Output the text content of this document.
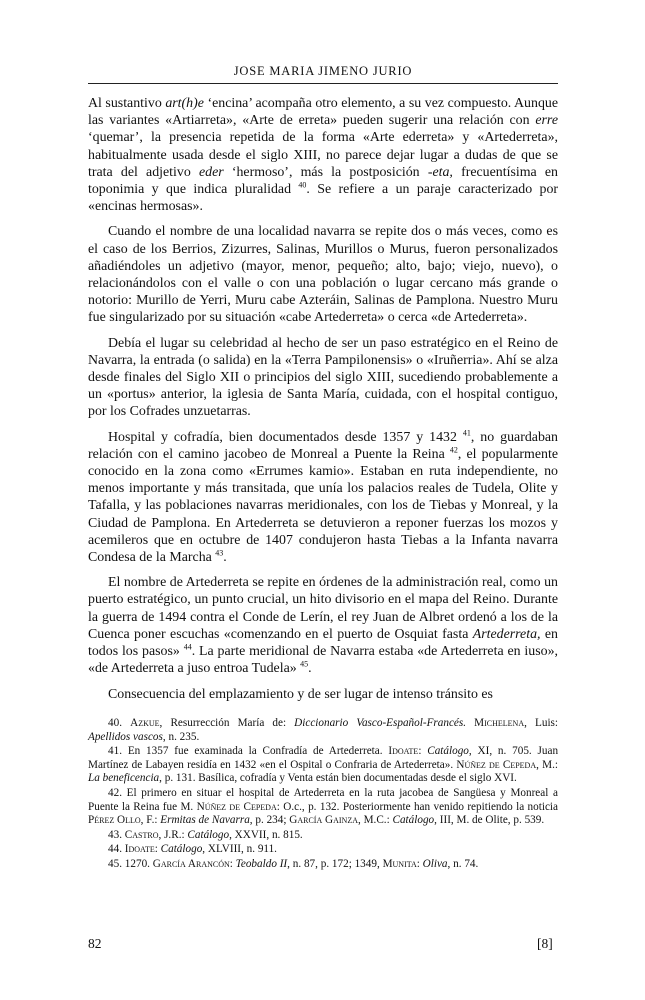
JOSE MARIA JIMENO JURIO

Al sustantivo art(h)e ‘encina’ acompaña otro elemento, a su vez compuesto. Aunque las variantes «Artiarreta», «Arte de erreta» pueden sugerir una relación con erre ‘quemar’, la presencia repetida de la forma «Arte ederreta» y «Artederreta», habitualmente usada desde el siglo XIII, no parece dejar lugar a dudas de que se trata del adjetivo eder ‘hermoso’, más la postposición -eta, frecuentísima en toponimia y que indica pluralidad $^{40}$. Se refiere a un paraje caracterizado por «encinas hermosas».

Cuando el nombre de una localidad navarra se repite dos o más veces, como es el caso de los Berrios, Zizurres, Salinas, Murillos o Murus, fueron personalizados añadiéndoles un adjetivo (mayor, menor, pequeño; alto, bajo; viejo, nuevo), o relacionándolos con el valle o con una población o lugar cercano más grande o notorio: Murillo de Yerri, Muru cabe Azteráin, Salinas de Pamplona. Nuestro Muru fue singularizado por su situación «cabe Artederreta» o cerca «de Artederreta».

Debía el lugar su celebridad al hecho de ser un paso estratégico en el Reino de Navarra, la entrada (o salida) en la «Terra Pampilonensis» o «Iruñerria». Ahí se alza desde finales del Siglo XII o principios del siglo XIII, sucediendo probablemente a un «portus» anterior, la iglesia de Santa María, cuidada, con el hospital contiguo, por los Cofrades unzuetarras.

Hospital y cofradía, bien documentados desde 1357 y 1432 $^{41}$, no guardaban relación con el camino jacobeo de Monreal a Puente la Reina $^{42}$, el popularmente conocido en la zona como «Errumes kamio». Estaban en ruta independiente, no menos importante y más transitada, que unía los palacios reales de Tudela, Olite y Tafalla, y las poblaciones navarras meridionales, con los de Tiebas y Monreal, y la Ciudad de Pamplona. En Artederreta se detuvieron a reponer fuerzas los mozos y acemileros que en octubre de 1407 condujeron hasta Tiebas a la Infanta navarra Condesa de la Marcha $^{43}$.

El nombre de Artederreta se repite en órdenes de la administración real, como un puerto estratégico, un punto crucial, un hito divisorio en el mapa del Reino. Durante la guerra de 1494 contra el Conde de Lerín, el rey Juan de Albret ordenó a los de la Cuenca poner escuchas «comenzando en el puerto de Osquiat fasta Artederreta, en todos los pasos» $^{44}$. La parte meridional de Navarra estaba «de Artederreta en iuso», «de Artederreta a juso entroa Tudela» $^{45}$.

Consecuencia del emplazamiento y de ser lugar de intenso tránsito es

40. Azkue, Resurrección María de: Diccionario Vasco-Español-Francés. Michelena, Luis: Apellidos vascos, n. 235.

41. En 1357 fue examinada la Confradía de Artederreta. Idoate: Catálogo, XI, n. 705. Juan Martínez de Labayen residía en 1432 «en el Ospital o Confraria de Artederreta». Núñez de Cepeda, M.: La beneficencia, p. 131. Basílica, cofradía y Venta están bien documentadas desde el siglo XVI.

42. El primero en situar el hospital de Artederreta en la ruta jacobea de Sangüesa y Monreal a Puente la Reina fue M. Núñez de Cepeda: O.c., p. 132. Posteriormente han venido repitiendo la noticia Pérez Ollo, F.: Ermitas de Navarra, p. 234; García Gainza, M.C.: Catálogo, III, M. de Olite, p. 539.

43. Castro, J.R.: Catálogo, XXVII, n. 815.

44. Idoate: Catálogo, XLVIII, n. 911.

45. 1270. García Arancón: Teobaldo II, n. 87, p. 172; 1349, Munita: Oliva, n. 74.

82	[8]
